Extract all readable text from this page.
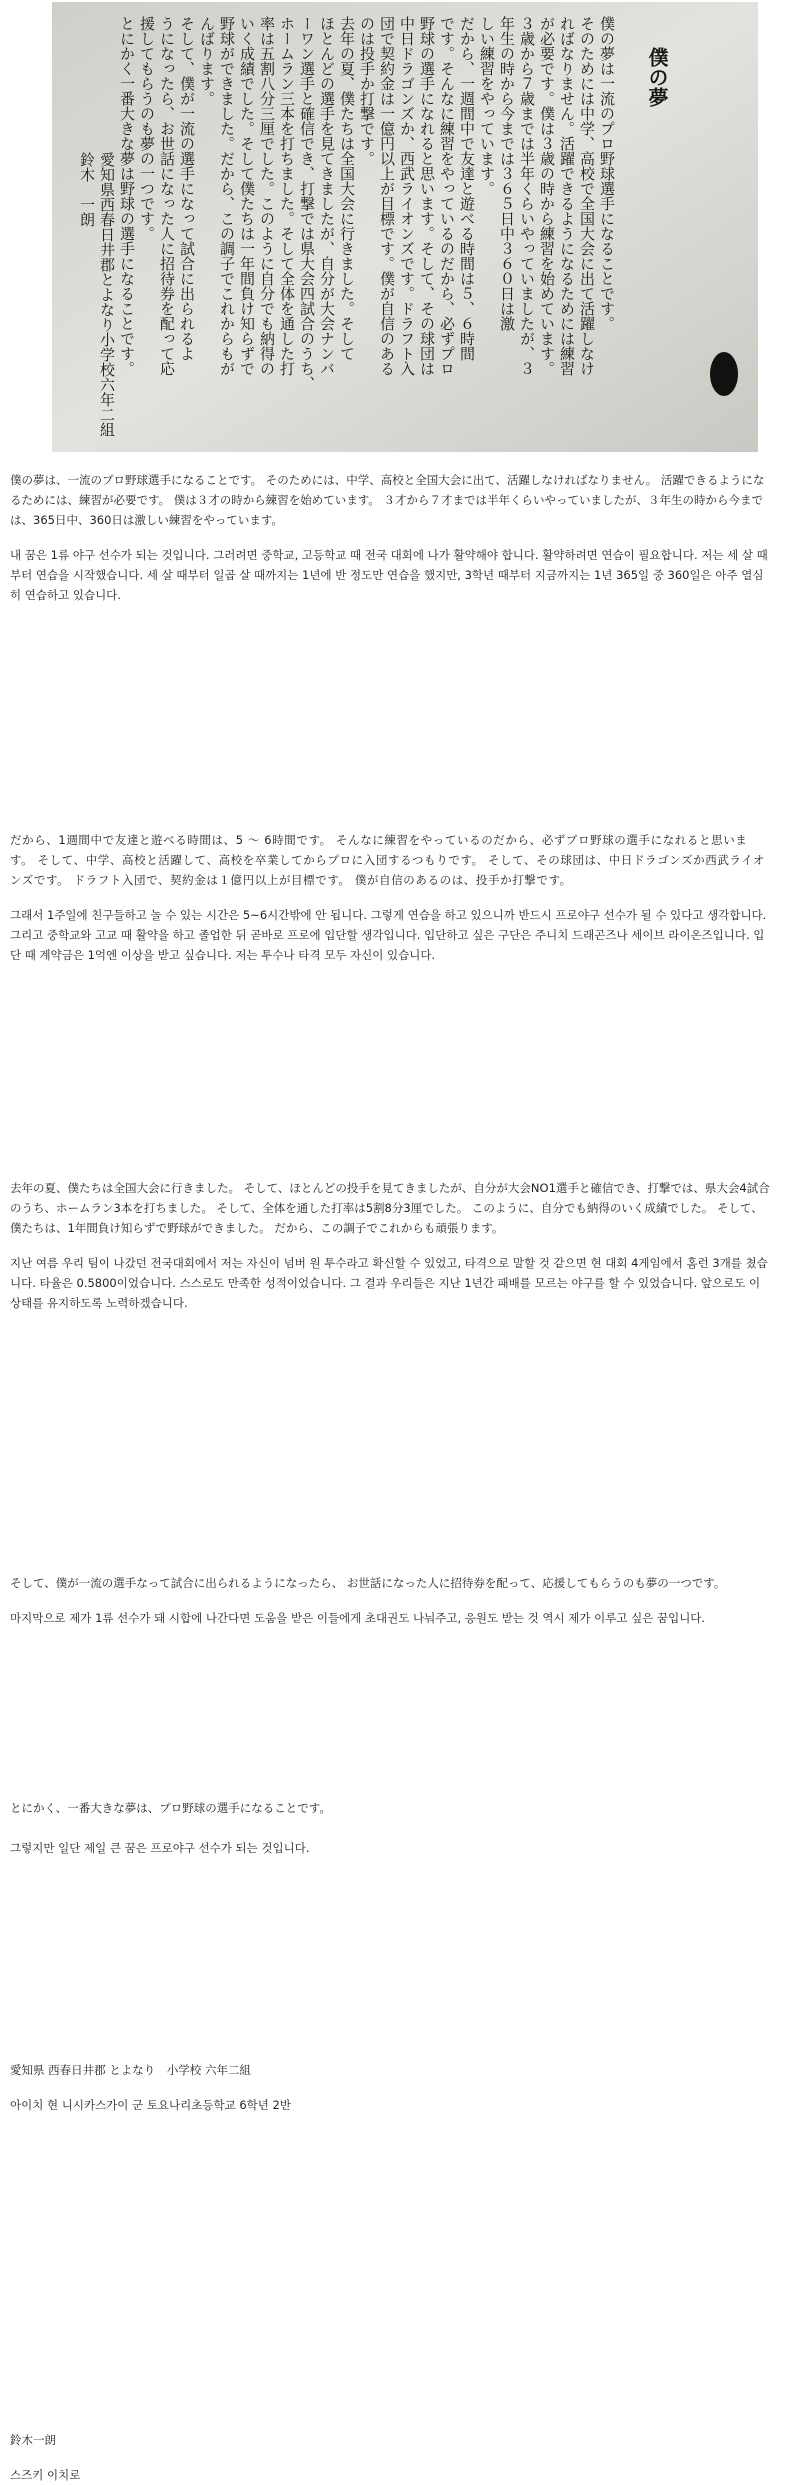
僕の夢
僕の夢は一流のプロ野球選手になることです。
そのためには中学、高校で全国大会に出て活躍しなけ
ればなりません。活躍できるようになるためには練習
が必要です。僕は３歳の時から練習を始めています。
３歳から７歳までは半年くらいやっていましたが、３
年生の時から今までは３６５日中３６０日は激
しい練習をやっています。
だから、一週間中で友達と遊べる時間は５、６時間
です。そんなに練習をやっているのだから、必ずプロ
野球の選手になれると思います。そして、その球団は
中日ドラゴンズか、西武ライオンズです。ドラフト入
団で契約金は一億円以上が目標です。僕が自信のある
のは投手か打撃です。
去年の夏、僕たちは全国大会に行きました。そして
ほとんどの選手を見てきましたが、自分が大会ナンバ
ーワン選手と確信でき、打撃では県大会四試合のうち、
ホームラン三本を打ちました。そして全体を通した打
率は五割八分三厘でした。このように自分でも納得の
いく成績でした。そして僕たちは一年間負け知らずで
野球ができました。だから、この調子でこれからもが
んばります。
そして、僕が一流の選手になって試合に出られるよ
うになったら、お世話になった人に招待券を配って応
援してもらうのも夢の一つです。
とにかく一番大きな夢は野球の選手になることです。
愛知県西春日井郡とよなり小学校六年二組
鈴木　一朗
僕の夢は、一流のプロ野球選手になることです。 そのためには、中学、高校と全国大会に出て、活躍しなければなりません。 活躍できるようになるためには、練習が必要です。 僕は３才の時から練習を始めています。 ３才から７才までは半年くらいやっていましたが、３年生の時から今までは、365日中、360日は激しい練習をやっています。
내 꿈은 1류 야구 선수가 되는 것입니다. 그러려면 중학교, 고등학교 때 전국 대회에 나가 활약해야 합니다. 활약하려면 연습이 필요합니다. 저는 세 살 때부터 연습을 시작했습니다. 세 살 때부터 일곱 살 때까지는 1년에 반 정도만 연습을 했지만, 3학년 때부터 지금까지는 1년 365일 중 360일은 아주 열심히 연습하고 있습니다.
だから、1週間中で友達と遊べる時間は、5 ～ 6時間です。 そんなに練習をやっているのだから、必ずプロ野球の選手になれると思います。 そして、中学、高校と活躍して、高校を卒業してからプロに入団するつもりです。 そして、その球団は、中日ドラゴンズか西武ライオンズです。 ドラフト入団で、契約金は１億円以上が目標です。 僕が自信のあるのは、投手か打撃です。
그래서 1주일에 친구들하고 놀 수 있는 시간은 5~6시간밖에 안 됩니다. 그렇게 연습을 하고 있으니까 반드시 프로야구 선수가 될 수 있다고 생각합니다. 그리고 중학교와 고교 때 활약을 하고 졸업한 뒤 곧바로 프로에 입단할 생각입니다. 입단하고 싶은 구단은 주니치 드래곤즈나 세이브 라이온즈입니다. 입단 때 계약금은 1억엔 이상을 받고 싶습니다. 저는 투수나 타격 모두 자신이 있습니다.
去年の夏、僕たちは全国大会に行きました。 そして、ほとんどの投手を見てきましたが、自分が大会NO1選手と確信でき、打撃では、県大会4試合のうち、ホームラン3本を打ちました。 そして、全体を通した打率は5割8分3厘でした。 このように、自分でも納得のいく成績でした。 そして、僕たちは、1年間負け知らずで野球ができました。 だから、この調子でこれからも頑張ります。
지난 여름 우리 팀이 나갔던 전국대회에서 저는 자신이 넘버 원 투수라고 확신할 수 있었고, 타격으로 말할 것 같으면 현 대회 4게임에서 홈런 3개를 쳤습니다. 타율은 0.5800이었습니다. 스스로도 만족한 성적이었습니다. 그 결과 우리들은 지난 1년간 패배를 모르는 야구를 할 수 있었습니다. 앞으로도 이 상태를 유지하도록 노력하겠습니다.
そして、僕が一流の選手なって試合に出られるようになったら、 お世話になった人に招待券を配って、応援してもらうのも夢の一つです。
마지막으로 제가 1류 선수가 돼 시합에 나간다면 도움을 받은 이들에게 초대권도 나눠주고, 응원도 받는 것 역시 제가 이루고 싶은 꿈입니다.
とにかく、一番大きな夢は、プロ野球の選手になることです。
그렇지만 일단 제일 큰 꿈은 프로야구 선수가 되는 것입니다.
愛知県 西春日井郡 とよなり　小学校 六年二組
아이치 현 니시카스가이 군 토요나리초등학교 6학년 2반
鈴木一朗
스즈키 이치로
